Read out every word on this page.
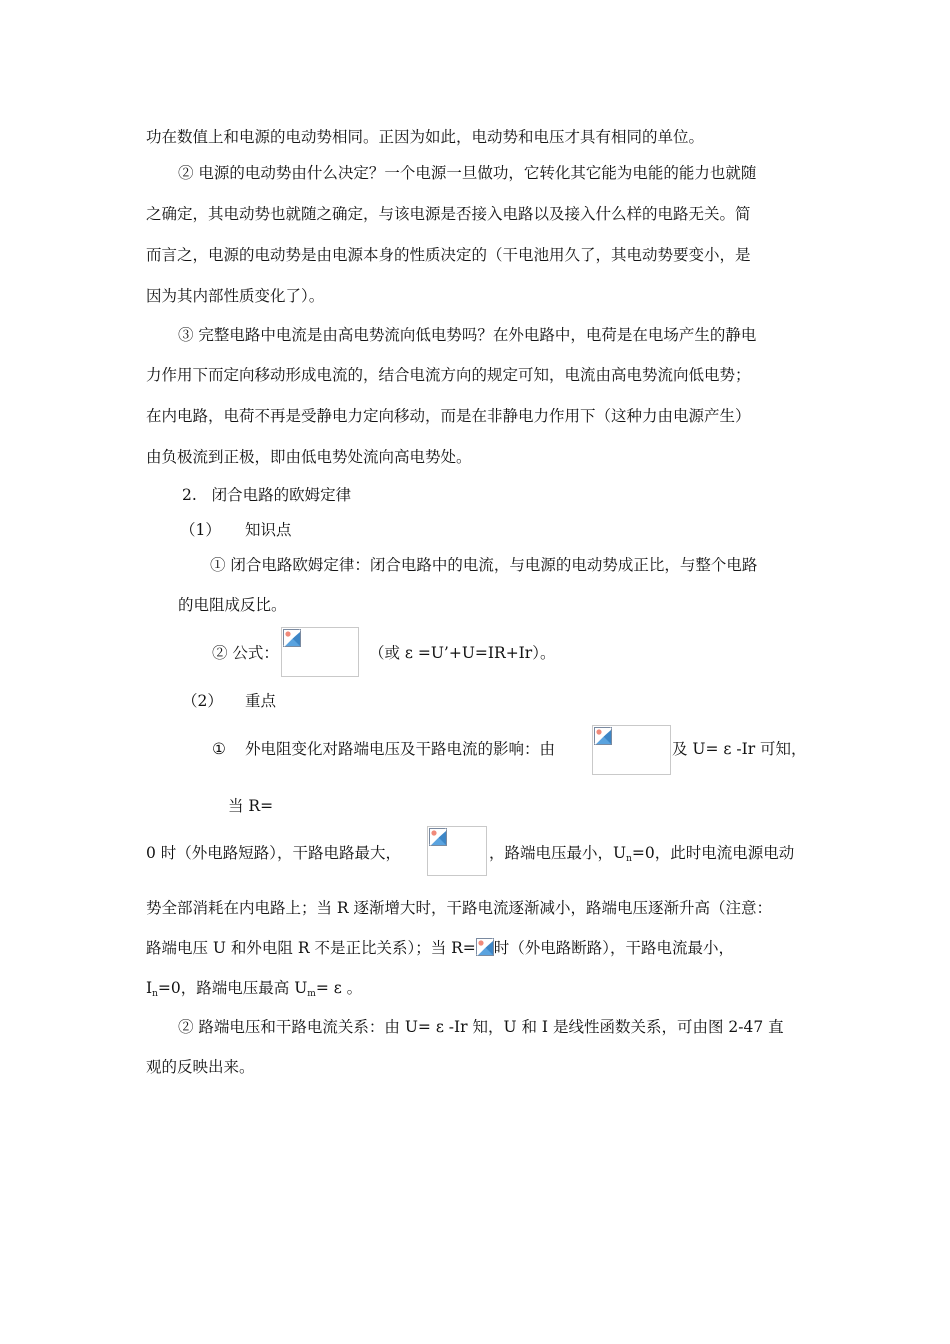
功在数值上和电源的电动势相同。正因为如此，电动势和电压才具有相同的单位。
② 电源的电动势由什么决定？一个电源一旦做功，它转化其它能为电能的能力也就随
之确定，其电动势也就随之确定，与该电源是否接入电路以及接入什么样的电路无关。简
而言之，电源的电动势是由电源本身的性质决定的（干电池用久了，其电动势要变小，是
因为其内部性质变化了）。
③ 完整电路中电流是由高电势流向低电势吗？在外电路中，电荷是在电场产生的静电
力作用下而定向移动形成电流的，结合电流方向的规定可知，电流由高电势流向低电势；
在内电路，电荷不再是受静电力定向移动，而是在非静电力作用下（这种力由电源产生）
由负极流到正极，即由低电势处流向高电势处。
2.   闭合电路的欧姆定律
（1） 知识点
① 闭合电路欧姆定律：闭合电路中的电流，与电源的电动势成正比，与整个电路
的电阻成反比。
② 公式：	（或 ε =U’+U=IR+Ir）。
（2） 重点
① 外电阻变化对路端电压及干路电流的影响：由	及 U= ε -Ir 可知，
当 R=
0 时（外电路短路），干路电路最大，	，路端电压最小，$U_n=0$，此时电流电源电动
势全部消耗在内电路上；当 R 逐渐增大时，干路电流逐渐减小，路端电压逐渐升高（注意：
路端电压 U 和外电阻 R 不是正比关系）；当 R= 时（外电路断路），干路电流最小，
$I_n=0$，路端电压最高 $U_m= \varepsilon$ 。
② 路端电压和干路电流关系：由 U= ε -Ir 知，U 和 I 是线性函数关系，可由图 2-47 直
观的反映出来。
